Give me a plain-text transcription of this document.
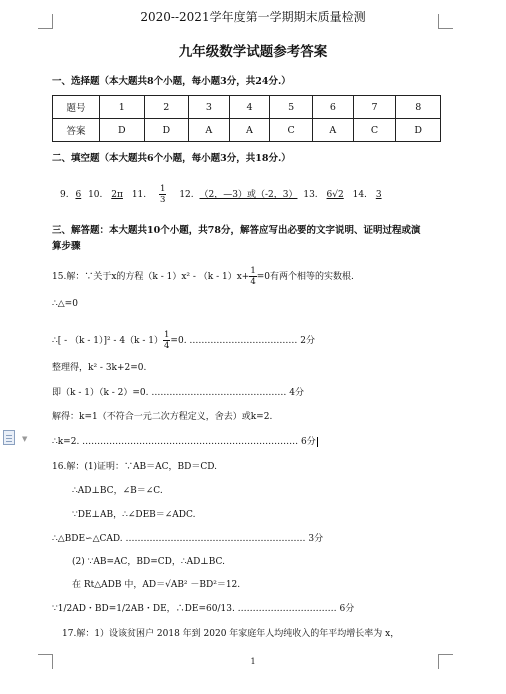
2020--2021学年度第一学期期末质量检测
九年级数学试题参考答案
一、选择题（本大题共8个小题，每小题3分，共24分.）
题号	1	2	3	4	5	6	7	8
答案	D	D	A	A	C	A	C	D
二、填空题（本大题共6个小题，每小题3分，共18分.）
9. 6 10. 2π 11. $\frac{1}{3} 12$. （2，—3）或（-2，3） 13. 6√2 14. 3
三、解答题：本大题共10个小题，共78分，解答应写出必要的文字说明、证明过程或演
算步骤
15.解：∵关于x的方程$(k - 1)x^2 - (k - 1)x+ \frac{1}{4} =0$有两个相等的实数根.
∴△=0
∴[ - $(k - 1)]^2 - 4(k - 1) \frac{1}{4} =0$. ……………………………… 2分
整理得，k² - 3k+2=0.
即（k - 1）（k - 2）=0. ……………………………………… 4分
解得：k=1（不符合一元二次方程定义，舍去）或k=2.
∴k=2. ……………………………………………………………… 6分
16.解：(1)证明：∵AB＝AC，BD＝CD.
∴AD⊥BC，∠B＝∠C.
∵DE⊥AB，∴∠DEB＝∠ADC.
∴△BDE∽△CAD. …………………………………………………… 3分
(2) ∵AB=AC，BD=CD，∴AD⊥BC.
在 Rt△ADB 中，AD＝√AB² －BD²＝12.
∵1/2AD・BD=1/2AB・DE，∴DE=60/13. …………………………… 6分
17.解：1）设该贫困户 2018 年到 2020 年家庭年人均纯收入的年平均增长率为 x，
1
▼
